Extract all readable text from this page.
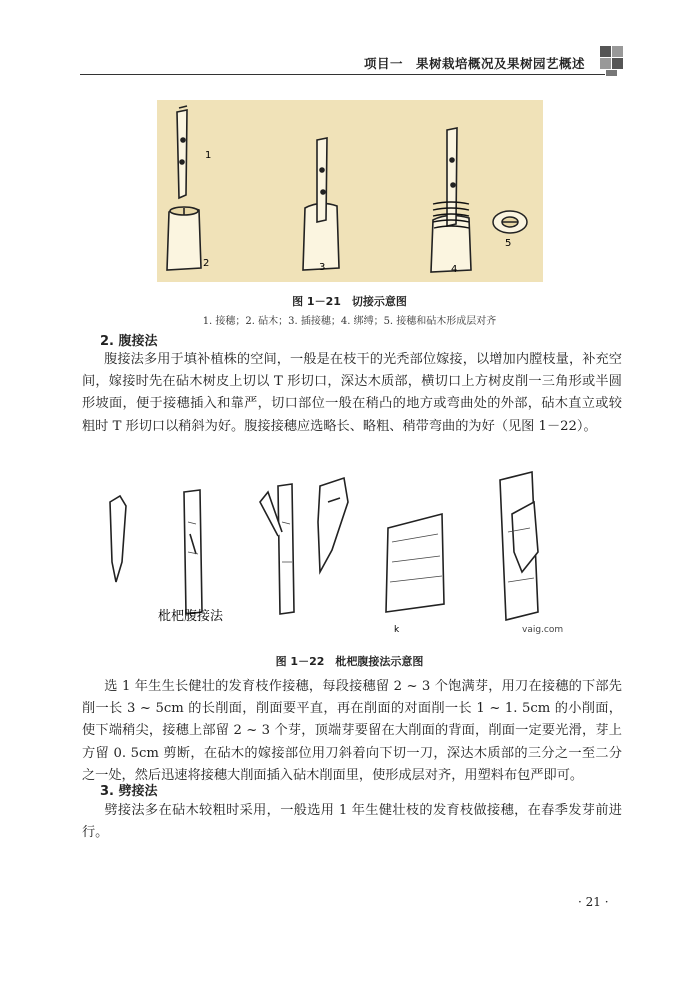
项目一　果树栽培概况及果树园艺概述
1
2	3	4
5
图 1－21　 切接示意图
1. 接穗；2. 砧木；3. 插接穗；4. 绑缚；5. 接穗和砧木形成层对齐
2. 腹接法

腹接法多用于填补植株的空间，一般是在枝干的光秃部位嫁接，以增加内膛枝量，补充空间，嫁接时先在砧木树皮上切以 T 形切口，深达木质部，横切口上方树皮削一三角形或半圆形坡面，便于接穗插入和靠严，切口部位一般在稍凸的地方或弯曲处的外部，砧木直立或较粗时 T 形切口以稍斜为好。腹接接穗应选略长、略粗、稍带弯曲的为好（见图 1－22）。

枇杷腹接法
k	vaig.com
图 1－22　 枇杷腹接法示意图

选 1 年生生长健壮的发育枝作接穗，每段接穗留 2 ~ 3 个饱满芽，用刀在接穗的下部先削一长 3 ~ 5cm 的长削面，削面要平直，再在削面的对面削一长 1 ~ 1. 5cm 的小削面，使下端稍尖，接穗上部留 2 ~ 3 个芽，顶端芽要留在大削面的背面，削面一定要光滑，芽上方留 0. 5cm 剪断，在砧木的嫁接部位用刀斜着向下切一刀，深达木质部的三分之一至二分之一处，然后迅速将接穗大削面插入砧木削面里，使形成层对齐，用塑料布包严即可。

3. 劈接法

劈接法多在砧木较粗时采用，一般选用 1 年生健壮枝的发育枝做接穗，在春季发芽前进行。

· 21 ·
